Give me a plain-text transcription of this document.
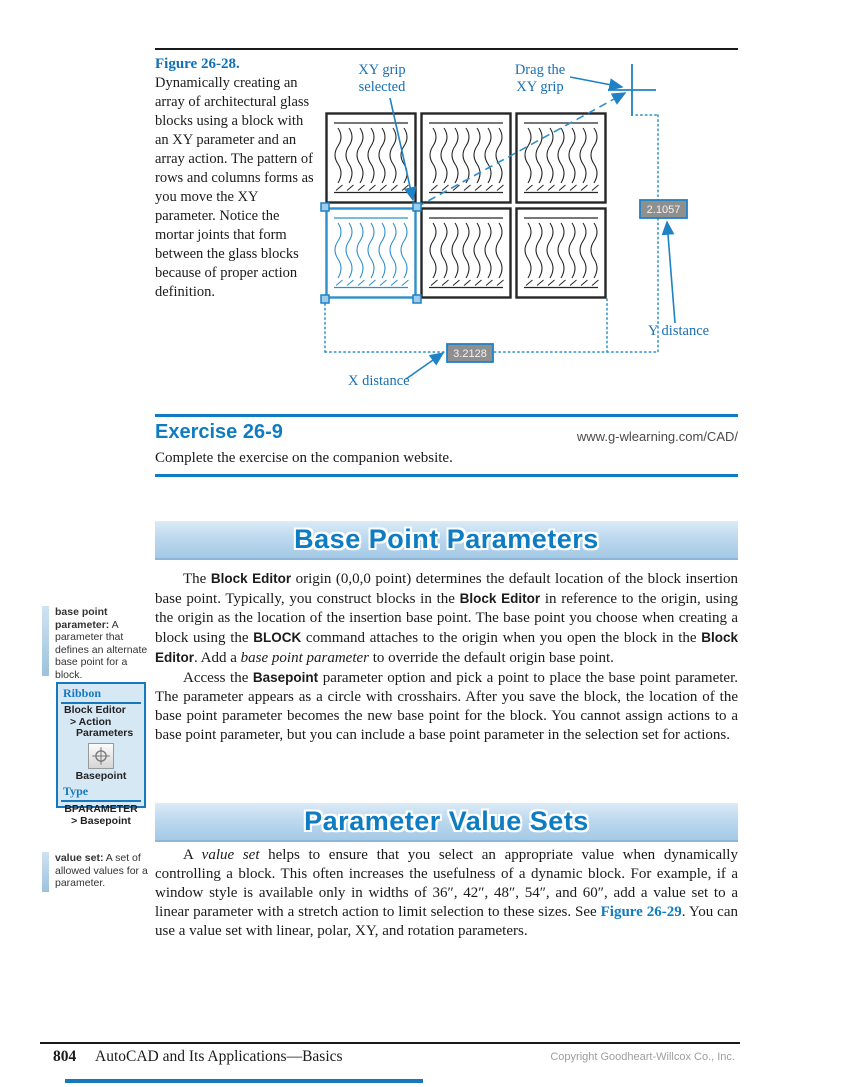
Figure 26-28.
Dynamically creating an array of architectural glass blocks using a block with an XY parameter and an array action. The pattern of rows and columns forms as you move the XY parameter. Notice the mortar joints that form between the glass blocks because of proper action definition.
2.1057
3.2128
XY grip
selected
Drag the
XY grip
Y distance
X distance
Exercise 26-9	www.g-wlearning.com/CAD/
Complete the exercise on the companion website.
Base Point Parameters

The Block Editor origin (0,0,0 point) determines the default location of the block insertion base point. Typically, you construct blocks in the Block Editor in reference to the origin, using the origin as the location of the insertion base point. The base point you choose when creating a block using the BLOCK command attaches to the origin when you open the block in the Block Editor. Add a base point parameter to override the default origin base point.

Access the Basepoint parameter option and pick a point to place the base point parameter. The parameter appears as a circle with crosshairs. After you save the block, the location of the base point parameter becomes the new base point for the block. You cannot assign actions to a base point parameter, but you can include a base point parameter in the selection set for actions.

base point parameter: A parameter that defines an alternate base point for a block.
Ribbon
Block Editor
> Action
Parameters
Basepoint
Type
BPARAMETER
> Basepoint	Parameter Value Sets

A value set helps to ensure that you select an appropriate value when dynamically controlling a block. This often increases the usefulness of a dynamic block. For example, if a window style is available only in widths of 36″, 42″, 48″, 54″, and 60″, add a value set to a linear parameter with a stretch action to limit selection to these sizes. See Figure 26-29. You can use a value set with linear, polar, XY, and rotation parameters.

value set: A set of allowed values for a parameter.
804 AutoCAD and Its Applications—Basics	Copyright Goodheart-Willcox Co., Inc.
